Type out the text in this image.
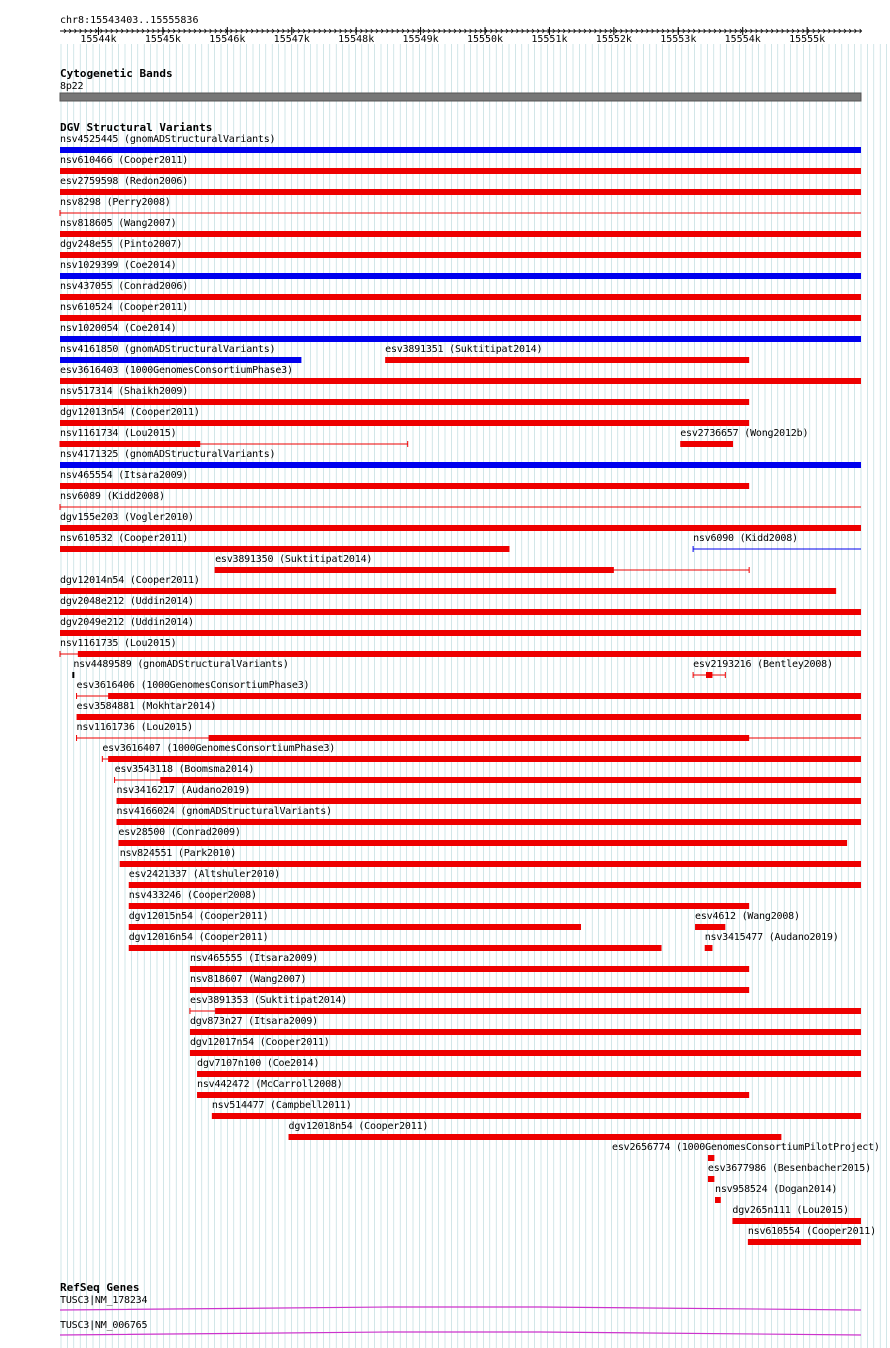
chr8:15543403..15555836
15544k	15545k	15546k	15547k	15548k	15549k	15550k	15551k	15552k	15553k	15554k	15555k
Cytogenetic Bands
8p22
DGV Structural Variants
RefSeq Genes
nsv4525445 (gnomADStructuralVariants)
nsv610466 (Cooper2011)
esv2759598 (Redon2006)
nsv8298 (Perry2008)
nsv818605 (Wang2007)
dgv248e55 (Pinto2007)
nsv1029399 (Coe2014)
nsv437055 (Conrad2006)
nsv610524 (Cooper2011)
nsv1020054 (Coe2014)
nsv4161850 (gnomADStructuralVariants)	esv3891351 (Suktitipat2014)
esv3616403 (1000GenomesConsortiumPhase3)
nsv517314 (Shaikh2009)
dgv12013n54 (Cooper2011)
nsv1161734 (Lou2015)	esv2736657 (Wong2012b)
nsv4171325 (gnomADStructuralVariants)
nsv465554 (Itsara2009)
nsv6089 (Kidd2008)
dgv155e203 (Vogler2010)
nsv610532 (Cooper2011)	nsv6090 (Kidd2008)
esv3891350 (Suktitipat2014)
dgv12014n54 (Cooper2011)
dgv2048e212 (Uddin2014)
dgv2049e212 (Uddin2014)
nsv1161735 (Lou2015)
nsv4489589 (gnomADStructuralVariants)	esv2193216 (Bentley2008)
esv3616406 (1000GenomesConsortiumPhase3)
esv3584881 (Mokhtar2014)
nsv1161736 (Lou2015)
esv3616407 (1000GenomesConsortiumPhase3)
esv3543118 (Boomsma2014)
nsv3416217 (Audano2019)
nsv4166024 (gnomADStructuralVariants)
esv28500 (Conrad2009)
nsv824551 (Park2010)
esv2421337 (Altshuler2010)
nsv433246 (Cooper2008)
dgv12015n54 (Cooper2011)	esv4612 (Wang2008)
dgv12016n54 (Cooper2011)	nsv3415477 (Audano2019)
nsv465555 (Itsara2009)
nsv818607 (Wang2007)
esv3891353 (Suktitipat2014)
dgv873n27 (Itsara2009)
dgv12017n54 (Cooper2011)
dgv7107n100 (Coe2014)
nsv442472 (McCarroll2008)
nsv514477 (Campbell2011)
dgv12018n54 (Cooper2011)
esv2656774 (1000GenomesConsortiumPilotProject)
esv3677986 (Besenbacher2015)
nsv958524 (Dogan2014)
dgv265n111 (Lou2015)
nsv610554 (Cooper2011)
TUSC3|NM_178234
TUSC3|NM_006765
